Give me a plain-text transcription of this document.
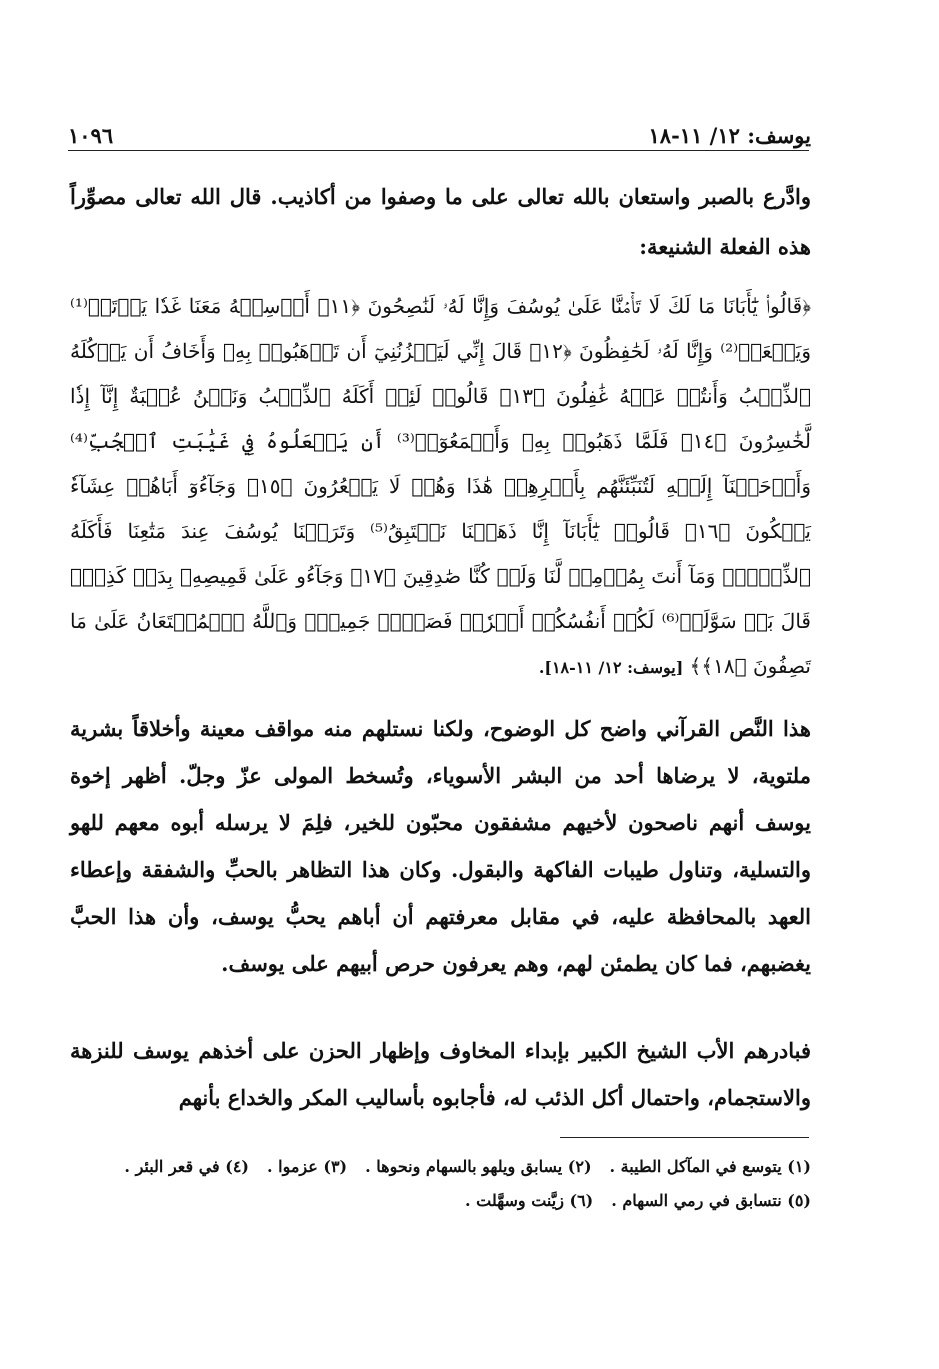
يوسف: ١٢/ ١١-١٨
١٠٩٦
وادَّرع بالصبر واستعان بالله تعالى على ما وصفوا من أكاذيب. قال الله تعالى مصوِّراً هذه الفعلة الشنيعة:
﴿قَالُوا۟ يَٰٓأَبَانَا مَا لَكَ لَا تَأۡمَ۬نَّا عَلَىٰ يُوسُفَ وَإِنَّا لَهُۥ لَنَٰصِحُونَ ﴿١١﴾ أَرۡسِلۡهُ مَعَنَا غَدٗا يَرۡتَعۡ⁽¹⁾ وَيَلۡعَبۡ⁽²⁾ وَإِنَّا لَهُۥ لَحَٰفِظُونَ ﴿١٢﴾ قَالَ إِنِّي لَيَحۡزُنُنِيٓ أَن تَذۡهَبُوا۟ بِهِۦ وَأَخَافُ أَن يَأۡكُلَهُ ٱلذِّئۡبُ وَأَنتُمۡ عَنۡهُ غَٰفِلُونَ ﴿١٣﴾ قَالُوا۟ لَئِنۡ أَكَلَهُ ٱلذِّئۡبُ وَنَحۡنُ عُصۡبَةٌ إِنَّآ إِذٗا لَّخَٰسِرُونَ ﴿١٤﴾ فَلَمَّا ذَهَبُوا۟ بِهِۦ وَأَجۡمَعُوٓا۟⁽³⁾ أَن يَجۡعَلُوهُ فِي غَيَٰبَتِ ٱلۡجُبِّ⁽⁴⁾ وَأَوۡحَيۡنَآ إِلَيۡهِ لَتُنَبِّئَنَّهُم بِأَمۡرِهِمۡ هَٰذَا وَهُمۡ لَا يَشۡعُرُونَ ﴿١٥﴾ وَجَآءُوٓ أَبَاهُمۡ عِشَآءٗ يَبۡكُونَ ﴿١٦﴾ قَالُوا۟ يَٰٓأَبَانَآ إِنَّا ذَهَبۡنَا نَسۡتَبِقُ⁽⁵⁾ وَتَرَكۡنَا يُوسُفَ عِندَ مَتَٰعِنَا فَأَكَلَهُ ٱلذِّئۡبُۖ وَمَآ أَنتَ بِمُؤۡمِنٖ لَّنَا وَلَوۡ كُنَّا صَٰدِقِينَ ﴿١٧﴾ وَجَآءُو عَلَىٰ قَمِيصِهِۦ بِدَمٖ كَذِبٖۚ قَالَ بَلۡ سَوَّلَتۡ⁽⁶⁾ لَكُمۡ أَنفُسُكُمۡ أَمۡرٗاۖ فَصَبۡرٞ جَمِيلٞۖ وَٱللَّهُ ٱلۡمُسۡتَعَانُ عَلَىٰ مَا تَصِفُونَ ﴿١٨﴾﴾ [يوسف: ١٢/ ١١-١٨].
هذا النَّص القرآني واضح كل الوضوح، ولكنا نستلهم منه مواقف معينة وأخلاقاً بشرية ملتوية، لا يرضاها أحد من البشر الأسوياء، وتُسخط المولى عزّ وجلّ. أظهر إخوة يوسف أنهم ناصحون لأخيهم مشفقون محبّون للخير، فلِمَ لا يرسله أبوه معهم للهو والتسلية، وتناول طيبات الفاكهة والبقول. وكان هذا التظاهر بالحبِّ والشفقة وإعطاء العهد بالمحافظة عليه، في مقابل معرفتهم أن أباهم يحبُّ يوسف، وأن هذا الحبَّ يغضبهم، فما كان يطمئن لهم، وهم يعرفون حرص أبيهم على يوسف.
فبادرهم الأب الشيخ الكبير بإبداء المخاوف وإظهار الحزن على أخذهم يوسف للنزهة والاستجمام، واحتمال أكل الذئب له، فأجابوه بأساليب المكر والخداع بأنهم
(١) يتوسع في المآكل الطيبة .
(٢) يسابق ويلهو بالسهام ونحوها .
(٣) عزموا .
(٤) في قعر البئر .
(٥) نتسابق في رمي السهام .
(٦) زيَّنت وسهَّلت .
